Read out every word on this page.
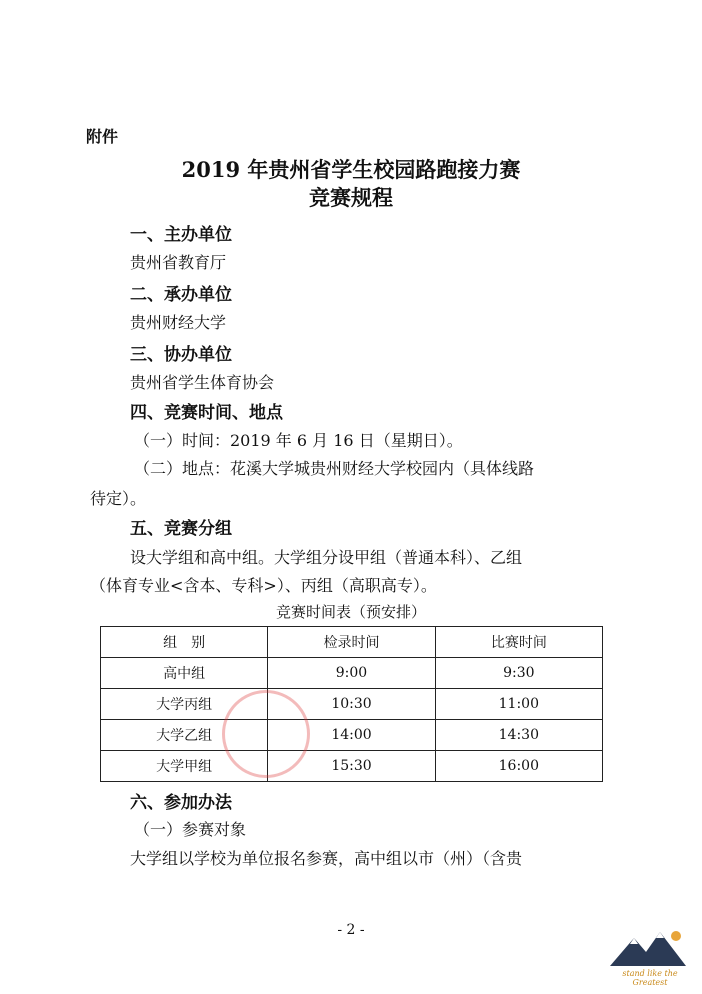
附件
2019 年贵州省学生校园路跑接力赛
竞赛规程
一、主办单位
贵州省教育厅
二、承办单位
贵州财经大学
三、协办单位
贵州省学生体育协会
四、竞赛时间、地点
（一）时间：2019 年 6 月 16 日（星期日）。
（二）地点：花溪大学城贵州财经大学校园内（具体线路
待定）。
五、竞赛分组
设大学组和高中组。大学组分设甲组（普通本科）、乙组
（体育专业<含本、专科>）、丙组（高职高专）。
竞赛时间表（预安排）
组　别	检录时间	比赛时间
高中组	9:00	9:30
大学丙组	10:30	11:00
大学乙组	14:00	14:30
大学甲组	15:30	16:00
六、参加办法
（一）参赛对象
大学组以学校为单位报名参赛，高中组以市（州）（含贵
- 2 -
stand like the Greatest
